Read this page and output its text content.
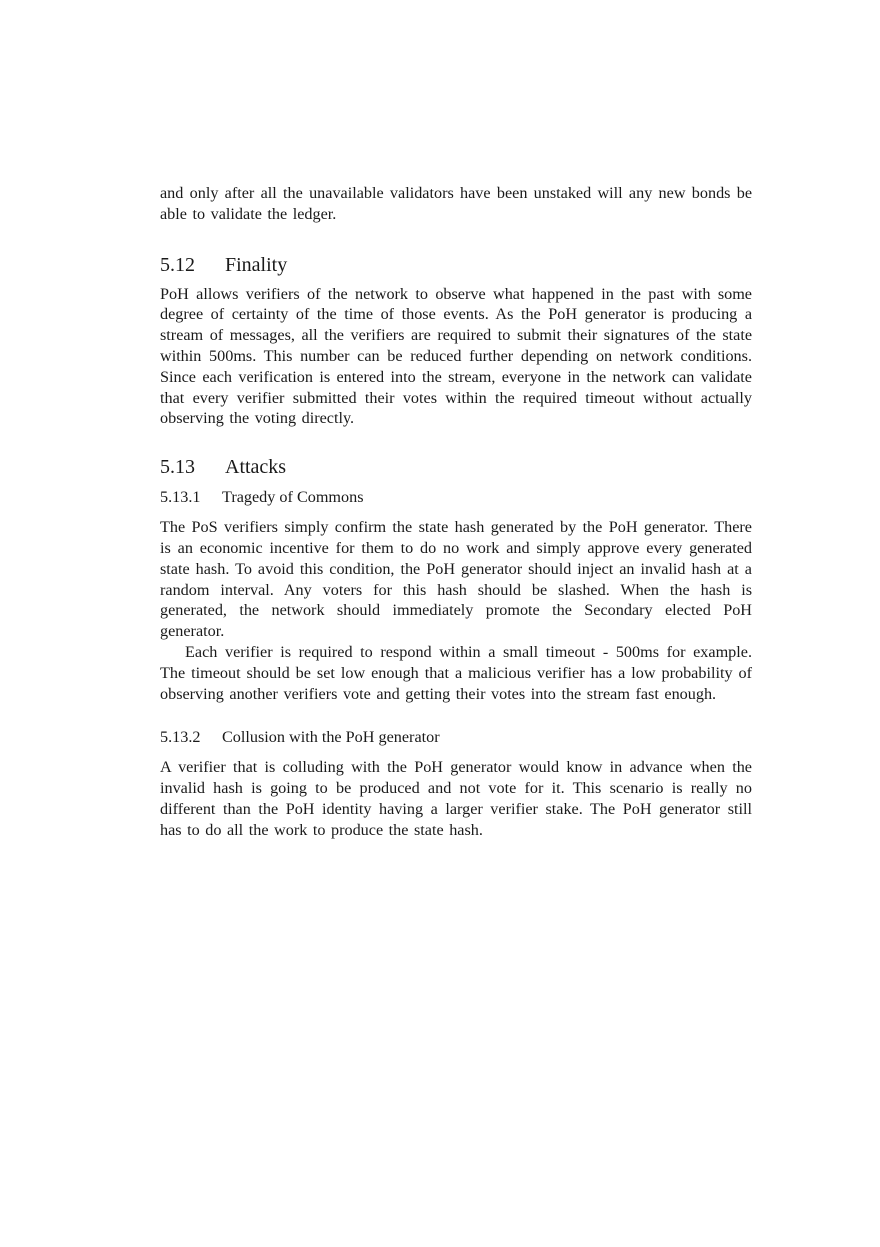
and only after all the unavailable validators have been unstaked will any new bonds be able to validate the ledger.

5.12 Finality

PoH allows verifiers of the network to observe what happened in the past with some degree of certainty of the time of those events. As the PoH generator is producing a stream of messages, all the verifiers are required to submit their signatures of the state within 500ms. This number can be reduced further depending on network conditions. Since each verification is entered into the stream, everyone in the network can validate that every verifier submitted their votes within the required timeout without actually observing the voting directly.

5.13 Attacks
5.13.1 Tragedy of Commons

The PoS verifiers simply confirm the state hash generated by the PoH generator. There is an economic incentive for them to do no work and simply approve every generated state hash. To avoid this condition, the PoH generator should inject an invalid hash at a random interval. Any voters for this hash should be slashed. When the hash is generated, the network should immediately promote the Secondary elected PoH generator.

Each verifier is required to respond within a small timeout - 500ms for example. The timeout should be set low enough that a malicious verifier has a low probability of observing another verifiers vote and getting their votes into the stream fast enough.

5.13.2 Collusion with the PoH generator

A verifier that is colluding with the PoH generator would know in advance when the invalid hash is going to be produced and not vote for it. This scenario is really no different than the PoH identity having a larger verifier stake. The PoH generator still has to do all the work to produce the state hash.
